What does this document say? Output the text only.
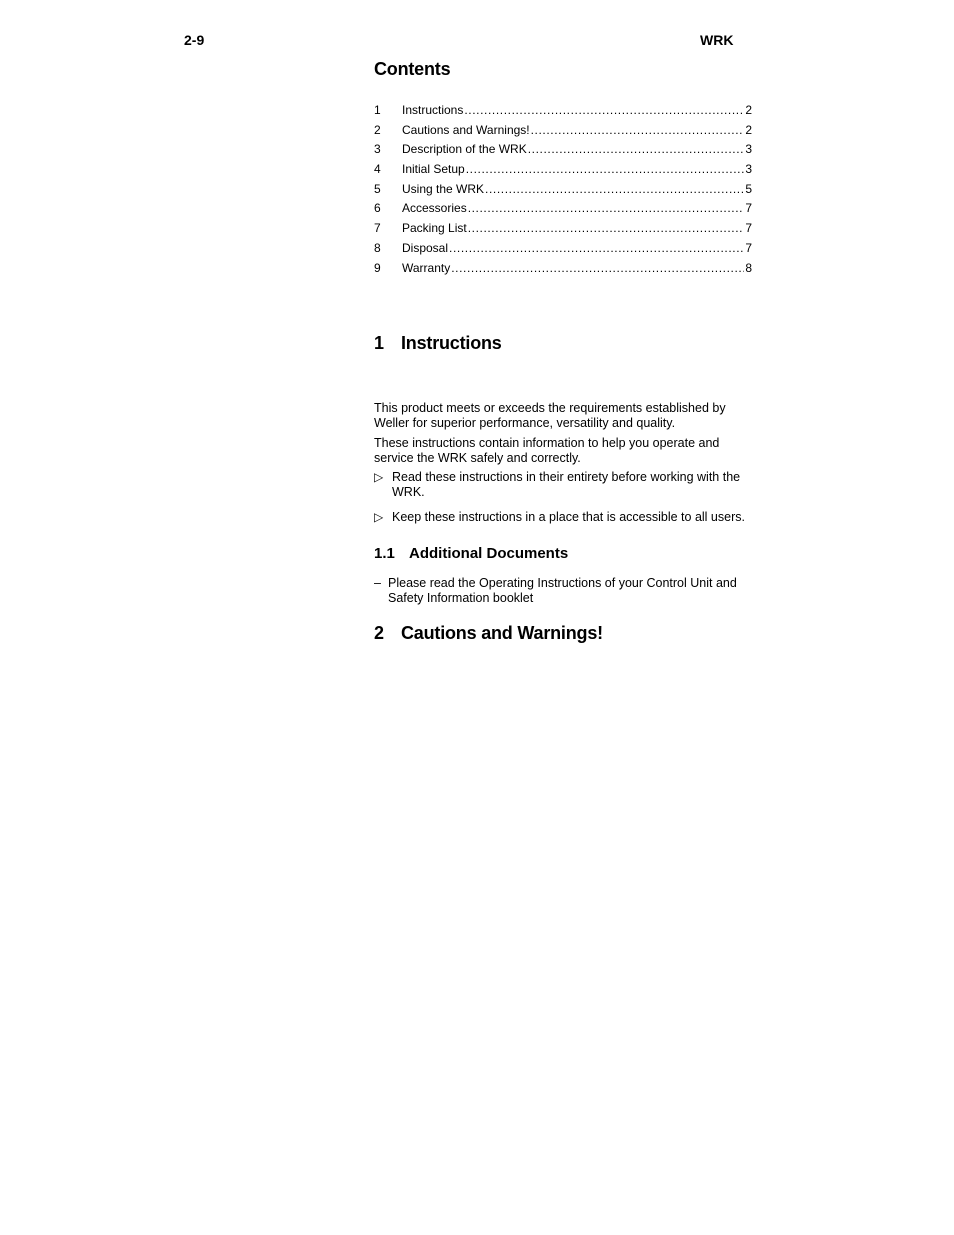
2-9	WRK
Contents
1	Instructions .....	2
2	Cautions and Warnings! .....	2
3	Description of the WRK .....	3
4	Initial Setup .....	3
5	Using the WRK .....	5
6	Accessories .....	7
7	Packing List .....	7
8	Disposal .....	7
9	Warranty .....	8
1 Instructions
This product meets or exceeds the requirements established by Weller for superior performance, versatility and quality.
These instructions contain information to help you operate and service the WRK safely and correctly.
▷ Read these instructions in their entirety before working with the WRK.
▷ Keep these instructions in a place that is accessible to all users.
1.1 Additional Documents
– Please read the Operating Instructions of your Control Unit and Safety Information booklet
2 Cautions and Warnings!
